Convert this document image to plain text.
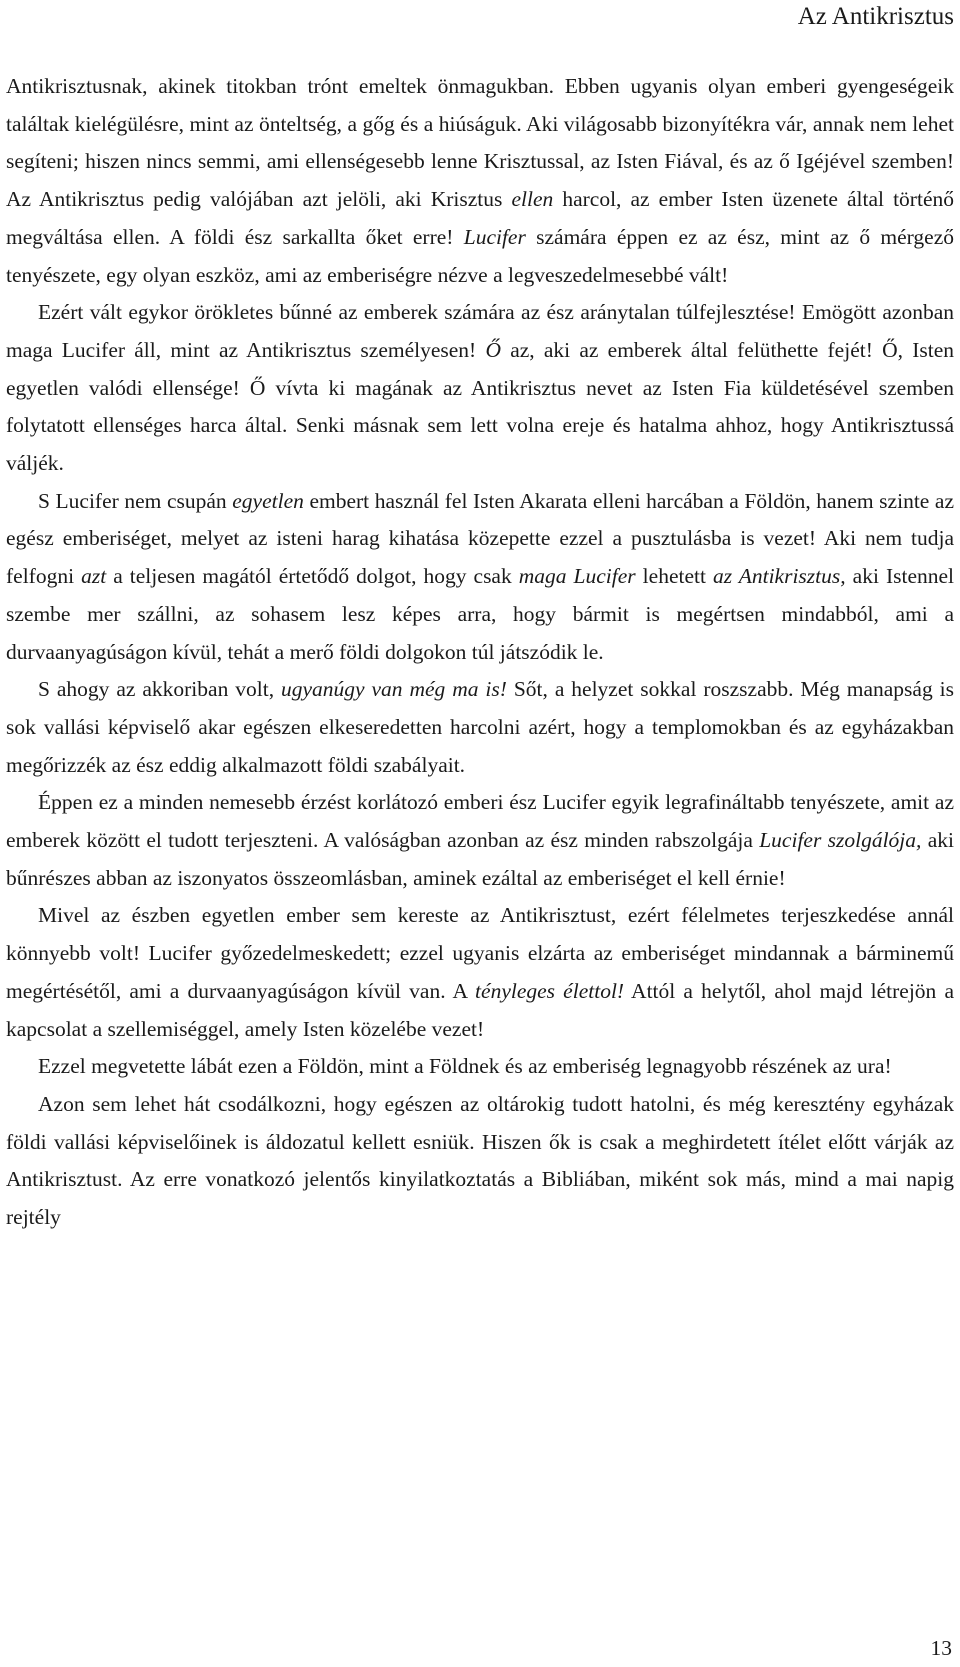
Az Antikrisztus

Antikrisztusnak, akinek titokban trónt emeltek önmagukban. Ebben ugyanis olyan emberi gyengeségeik találtak kielégülésre, mint az önteltség, a gőg és a hiúságuk. Aki világosabb bizonyítékra vár, annak nem lehet segíteni; hiszen nincs semmi, ami ellenségesebb lenne Krisztussal, az Isten Fiával, és az ő Igéjével szemben! Az Antikrisztus pedig valójában azt jelöli, aki Krisztus ellen harcol, az ember Isten üzenete által történő megváltása ellen. A földi ész sarkallta őket erre! Lucifer számára éppen ez az ész, mint az ő mérgező tenyészete, egy olyan eszköz, ami az emberiségre nézve a legveszedelmesebbé vált!

Ezért vált egykor örökletes bűnné az emberek számára az ész aránytalan túlfejlesztése! Emögött azonban maga Lucifer áll, mint az Antikrisztus személyesen! Ő az, aki az emberek által felüthette fejét! Ő, Isten egyetlen valódi ellensége! Ő vívta ki magának az Antikrisztus nevet az Isten Fia küldetésével szemben folytatott ellenséges harca által. Senki másnak sem lett volna ereje és hatalma ahhoz, hogy Antikrisztussá váljék.

S Lucifer nem csupán egyetlen embert használ fel Isten Akarata elleni harcában a Földön, hanem szinte az egész emberiséget, melyet az isteni harag kihatása közepette ezzel a pusztulásba is vezet! Aki nem tudja felfogni azt a teljesen magától értetődő dolgot, hogy csak maga Lucifer lehetett az Antikrisztus, aki Istennel szembe mer szállni, az sohasem lesz képes arra, hogy bármit is megértsen mindabból, ami a durvaanyagúságon kívül, tehát a merő földi dolgokon túl játszódik le.

S ahogy az akkoriban volt, ugyanúgy van még ma is! Sőt, a helyzet sokkal roszszabb. Még manapság is sok vallási képviselő akar egészen elkeseredetten harcolni azért, hogy a templomokban és az egyházakban megőrizzék az ész eddig alkalmazott földi szabályait.

Éppen ez a minden nemesebb érzést korlátozó emberi ész Lucifer egyik legrafináltabb tenyészete, amit az emberek között el tudott terjeszteni. A valóságban azonban az ész minden rabszolgája Lucifer szolgálója, aki bűnrészes abban az iszonyatos összeomlásban, aminek ezáltal az emberiséget el kell érnie!

Mivel az észben egyetlen ember sem kereste az Antikrisztust, ezért félelmetes terjeszkedése annál könnyebb volt! Lucifer győzedelmeskedett; ezzel ugyanis elzárta az emberiséget mindannak a bárminemű megértésétől, ami a durvaanyagúságon kívül van. A tényleges élettol! Attól a helytől, ahol majd létrejön a kapcsolat a szellemiséggel, amely Isten közelébe vezet!

Ezzel megvetette lábát ezen a Földön, mint a Földnek és az emberiség legnagyobb részének az ura!

Azon sem lehet hát csodálkozni, hogy egészen az oltárokig tudott hatolni, és még keresztény egyházak földi vallási képviselőinek is áldozatul kellett esniük. Hiszen ők is csak a meghirdetett ítélet előtt várják az Antikrisztust. Az erre vonatkozó jelentős kinyilatkoztatás a Bibliában, miként sok más, mind a mai napig rejtély

13
